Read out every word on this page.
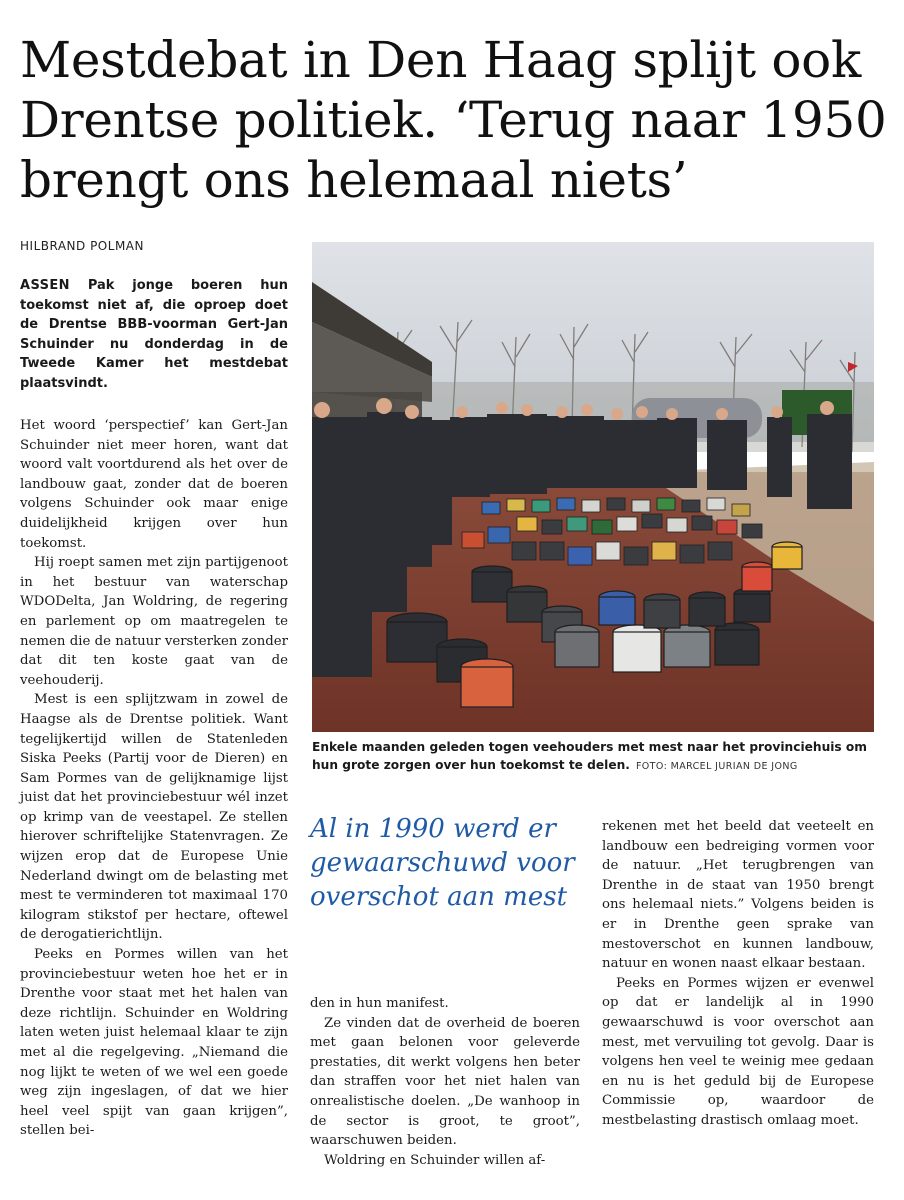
Mestdebat in Den Haag splijt ook Drentse politiek. ‘Terug naar 1950 brengt ons helemaal niets’
HILBRAND POLMAN

ASSEN Pak jonge boeren hun toekomst niet af, die oproep doet de Drentse BBB-voorman Gert-Jan Schuinder nu donderdag in de Tweede Kamer het mestdebat plaatsvindt.

Het woord ‘perspectief’ kan Gert-Jan Schuinder niet meer horen, want dat woord valt voortdurend als het over de landbouw gaat, zonder dat de boeren volgens Schuinder ook maar enige duidelijkheid krijgen over hun toekomst.

Hij roept samen met zijn partijgenoot in het bestuur van waterschap WDODelta, Jan Woldring, de regering en parlement op om maatregelen te nemen die de natuur versterken zonder dat dit ten koste gaat van de veehouderij.

Mest is een splijtzwam in zowel de Haagse als de Drentse politiek. Want tegelijkertijd willen de Statenleden Siska Peeks (Partij voor de Dieren) en Sam Pormes van de gelijknamige lijst juist dat het provinciebestuur wél inzet op krimp van de veestapel. Ze stellen hierover schriftelijke Statenvragen. Ze wijzen erop dat de Europese Unie Nederland dwingt om de belasting met mest te verminderen tot maximaal 170 kilogram stikstof per hectare, oftewel de derogatierichtlijn.

Peeks en Pormes willen van het provinciebestuur weten hoe het er in Drenthe voor staat met het halen van deze richtlijn. Schuinder en Woldring laten weten juist helemaal klaar te zijn met al die regelgeving. „Niemand die nog lijkt te weten of we wel een goede weg zijn ingeslagen, of dat we hier heel veel spijt van gaan krijgen”, stellen bei-

Enkele maanden geleden togen veehouders met mest naar het provinciehuis om hun grote zorgen over hun toekomst te delen. FOTO: MARCEL JURIAN DE JONG
Al in 1990 werd er gewaarschuwd voor overschot aan mest

den in hun manifest.

Ze vinden dat de overheid de boeren met gaan belonen voor geleverde prestaties, dit werkt volgens hen beter dan straffen voor het niet halen van onrealistische doelen. „De wanhoop in de sector is groot, te groot”, waarschuwen beiden.

Woldring en Schuinder willen af-

rekenen met het beeld dat veeteelt en landbouw een bedreiging vormen voor de natuur. „Het terugbrengen van Drenthe in de staat van 1950 brengt ons helemaal niets.” Volgens beiden is er in Drenthe geen sprake van mestoverschot en kunnen landbouw, natuur en wonen naast elkaar bestaan.

Peeks en Pormes wijzen er evenwel op dat er landelijk al in 1990 gewaarschuwd is voor overschot aan mest, met vervuiling tot gevolg. Daar is volgens hen veel te weinig mee gedaan en nu is het geduld bij de Europese Commissie op, waardoor de mestbelasting drastisch omlaag moet.
